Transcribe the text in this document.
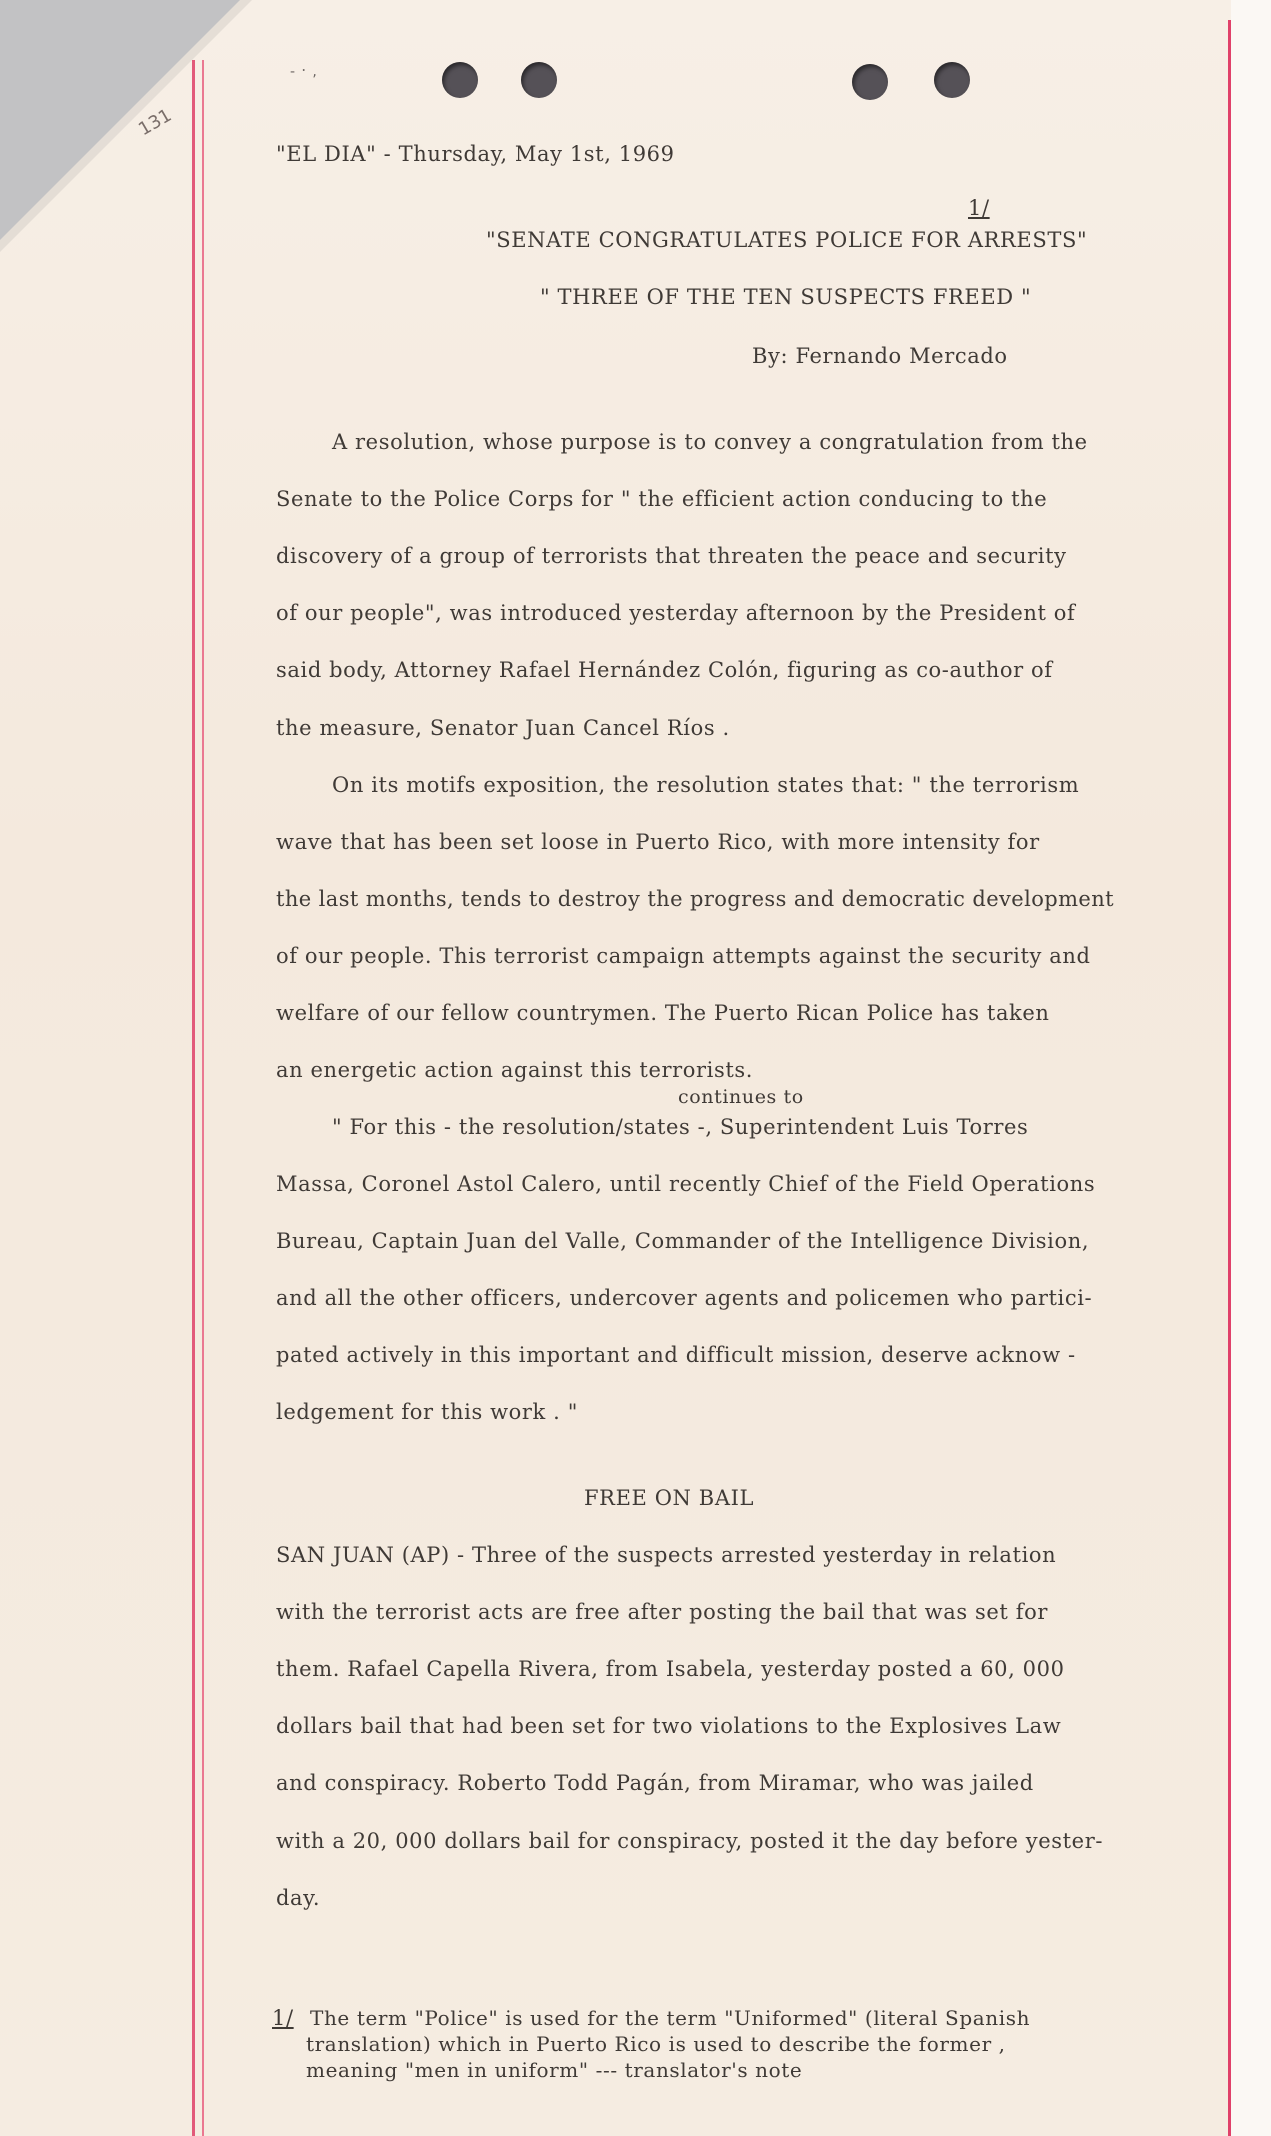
131
- ᛫ ,
"EL DIA" - Thursday, May 1st, 1969
1/
"SENATE CONGRATULATES POLICE FOR ARRESTS"
" THREE OF THE TEN SUSPECTS FREED "
By: Fernando Mercado
A resolution, whose purpose is to convey a congratulation from the
Senate to the Police Corps for " the efficient action conducing to the
discovery of a group of terrorists that threaten the peace and security
of our people", was introduced yesterday afternoon by the President of
said body, Attorney Rafael Hernández Colón, figuring as co-author of
the measure, Senator Juan Cancel Ríos .
On its motifs exposition, the resolution states that: " the terrorism
wave that has been set loose in Puerto Rico, with more intensity for
the last months, tends to destroy the progress and democratic development
of our people. This terrorist campaign attempts against the security and
welfare of our fellow countrymen. The Puerto Rican Police has taken
an energetic action against this terrorists.
continues to
" For this - the resolution/states -, Superintendent Luis Torres
Massa, Coronel Astol Calero, until recently Chief of the Field Operations
Bureau, Captain Juan del Valle, Commander of the Intelligence Division,
and all the other officers, undercover agents and policemen who partici-
pated actively in this important and difficult mission, deserve acknow -
ledgement for this work . "
FREE ON BAIL
SAN JUAN (AP) - Three of the suspects arrested yesterday in relation
with the terrorist acts are free after posting the bail that was set for
them. Rafael Capella Rivera, from Isabela, yesterday posted a 60, 000
dollars bail that had been set for two violations to the Explosives Law
and conspiracy. Roberto Todd Pagán, from Miramar, who was jailed
with a 20, 000 dollars bail for conspiracy, posted it the day before yester-
day.
1/ The term "Police" is used for the term "Uniformed" (literal Spanish
translation) which in Puerto Rico is used to describe the former ,
meaning "men in uniform" --- translator's note
